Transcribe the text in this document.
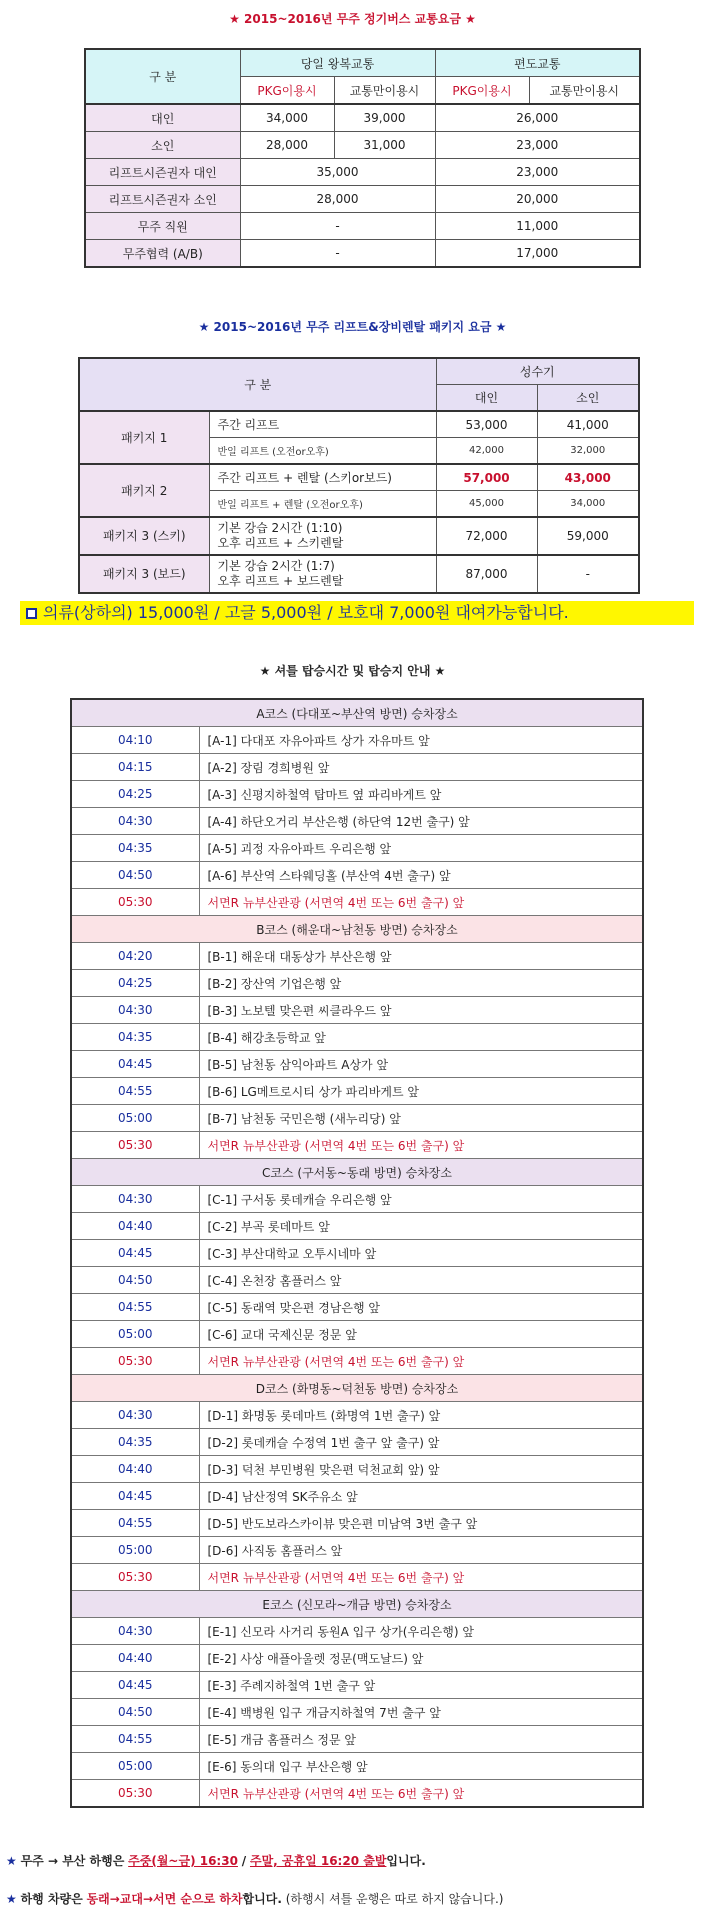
★ 2015~2016년 무주 정기버스 교통요금 ★
구 분	당일 왕복교통		편도교통	
	PKG이용시	교통만이용시	PKG이용시	교통만이용시
대인	34,000	39,000	26,000	
소인	28,000	31,000	23,000	
리프트시즌권자 대인	35,000		23,000	
리프트시즌권자 소인	28,000		20,000	
무주 직원	-		11,000	
무주협력 (A/B)	-		17,000	
★ 2015~2016년 무주 리프트&장비렌탈 패키지 요금 ★
구 분		성수기	
		대인	소인
패키지 1	주간 리프트	53,000	41,000
	반일 리프트 (오전or오후)	42,000	32,000
패키지 2	주간 리프트 + 렌탈 (스키or보드)	57,000	43,000
	반일 리프트 + 렌탈 (오전or오후)	45,000	34,000
패키지 3 (스키)	기본 강습 2시간 (1:10)
오후 리프트 + 스키렌탈	72,000	59,000
패키지 3 (보드)	기본 강습 2시간 (1:7)
오후 리프트 + 보드렌탈	87,000	-
의류(상하의) 15,000원 / 고글 5,000원 / 보호대 7,000원 대여가능합니다.
★ 셔틀 탑승시간 및 탑승지 안내 ★
A코스 (다대포~부산역 방면) 승차장소	
04:10	[A-1] 다대포 자유아파트 상가 자유마트 앞
04:15	[A-2] 장림 경희병원 앞
04:25	[A-3] 신평지하철역 탑마트 옆 파리바게트 앞
04:30	[A-4] 하단오거리 부산은행 (하단역 12번 출구) 앞
04:35	[A-5] 괴정 자유아파트 우리은행 앞
04:50	[A-6] 부산역 스타웨딩홀 (부산역 4번 출구) 앞
05:30	서면R 뉴부산관광 (서면역 4번 또는 6번 출구) 앞
B코스 (해운대~남천동 방면) 승차장소	
04:20	[B-1] 해운대 대동상가 부산은행 앞
04:25	[B-2] 장산역 기업은행 앞
04:30	[B-3] 노보텔 맞은편 씨클라우드 앞
04:35	[B-4] 해강초등학교 앞
04:45	[B-5] 남천동 삼익아파트 A상가 앞
04:55	[B-6] LG메트로시티 상가 파리바게트 앞
05:00	[B-7] 남천동 국민은행 (새누리당) 앞
05:30	서면R 뉴부산관광 (서면역 4번 또는 6번 출구) 앞
C코스 (구서동~동래 방면) 승차장소	
04:30	[C-1] 구서동 롯데캐슬 우리은행 앞
04:40	[C-2] 부곡 롯데마트 앞
04:45	[C-3] 부산대학교 오투시네마 앞
04:50	[C-4] 온천장 홈플러스 앞
04:55	[C-5] 동래역 맞은편 경남은행 앞
05:00	[C-6] 교대 국제신문 정문 앞
05:30	서면R 뉴부산관광 (서면역 4번 또는 6번 출구) 앞
D코스 (화명동~덕천동 방면) 승차장소	
04:30	[D-1] 화명동 롯데마트 (화명역 1번 출구) 앞
04:35	[D-2] 롯데캐슬 수정역 1번 출구 앞 출구) 앞
04:40	[D-3] 덕천 부민병원 맞은편 덕천교회 앞) 앞
04:45	[D-4] 남산정역 SK주유소 앞
04:55	[D-5] 반도보라스카이뷰 맞은편 미남역 3번 출구 앞
05:00	[D-6] 사직동 홈플러스 앞
05:30	서면R 뉴부산관광 (서면역 4번 또는 6번 출구) 앞
E코스 (신모라~개금 방면) 승차장소	
04:30	[E-1] 신모라 사거리 동원A 입구 상가(우리은행) 앞
04:40	[E-2] 사상 애플아울렛 정문(맥도날드) 앞
04:45	[E-3] 주례지하철역 1번 출구 앞
04:50	[E-4] 백병원 입구 개금지하철역 7번 출구 앞
04:55	[E-5] 개금 홈플러스 정문 앞
05:00	[E-6] 동의대 입구 부산은행 앞
05:30	서면R 뉴부산관광 (서면역 4번 또는 6번 출구) 앞
★ 무주 → 부산 하행은 주중(월~금) 16:30 / 주말, 공휴일 16:20 출발입니다.
★ 하행 차량은 동래→교대→서면 순으로 하차합니다. (하행시 셔틀 운행은 따로 하지 않습니다.)
